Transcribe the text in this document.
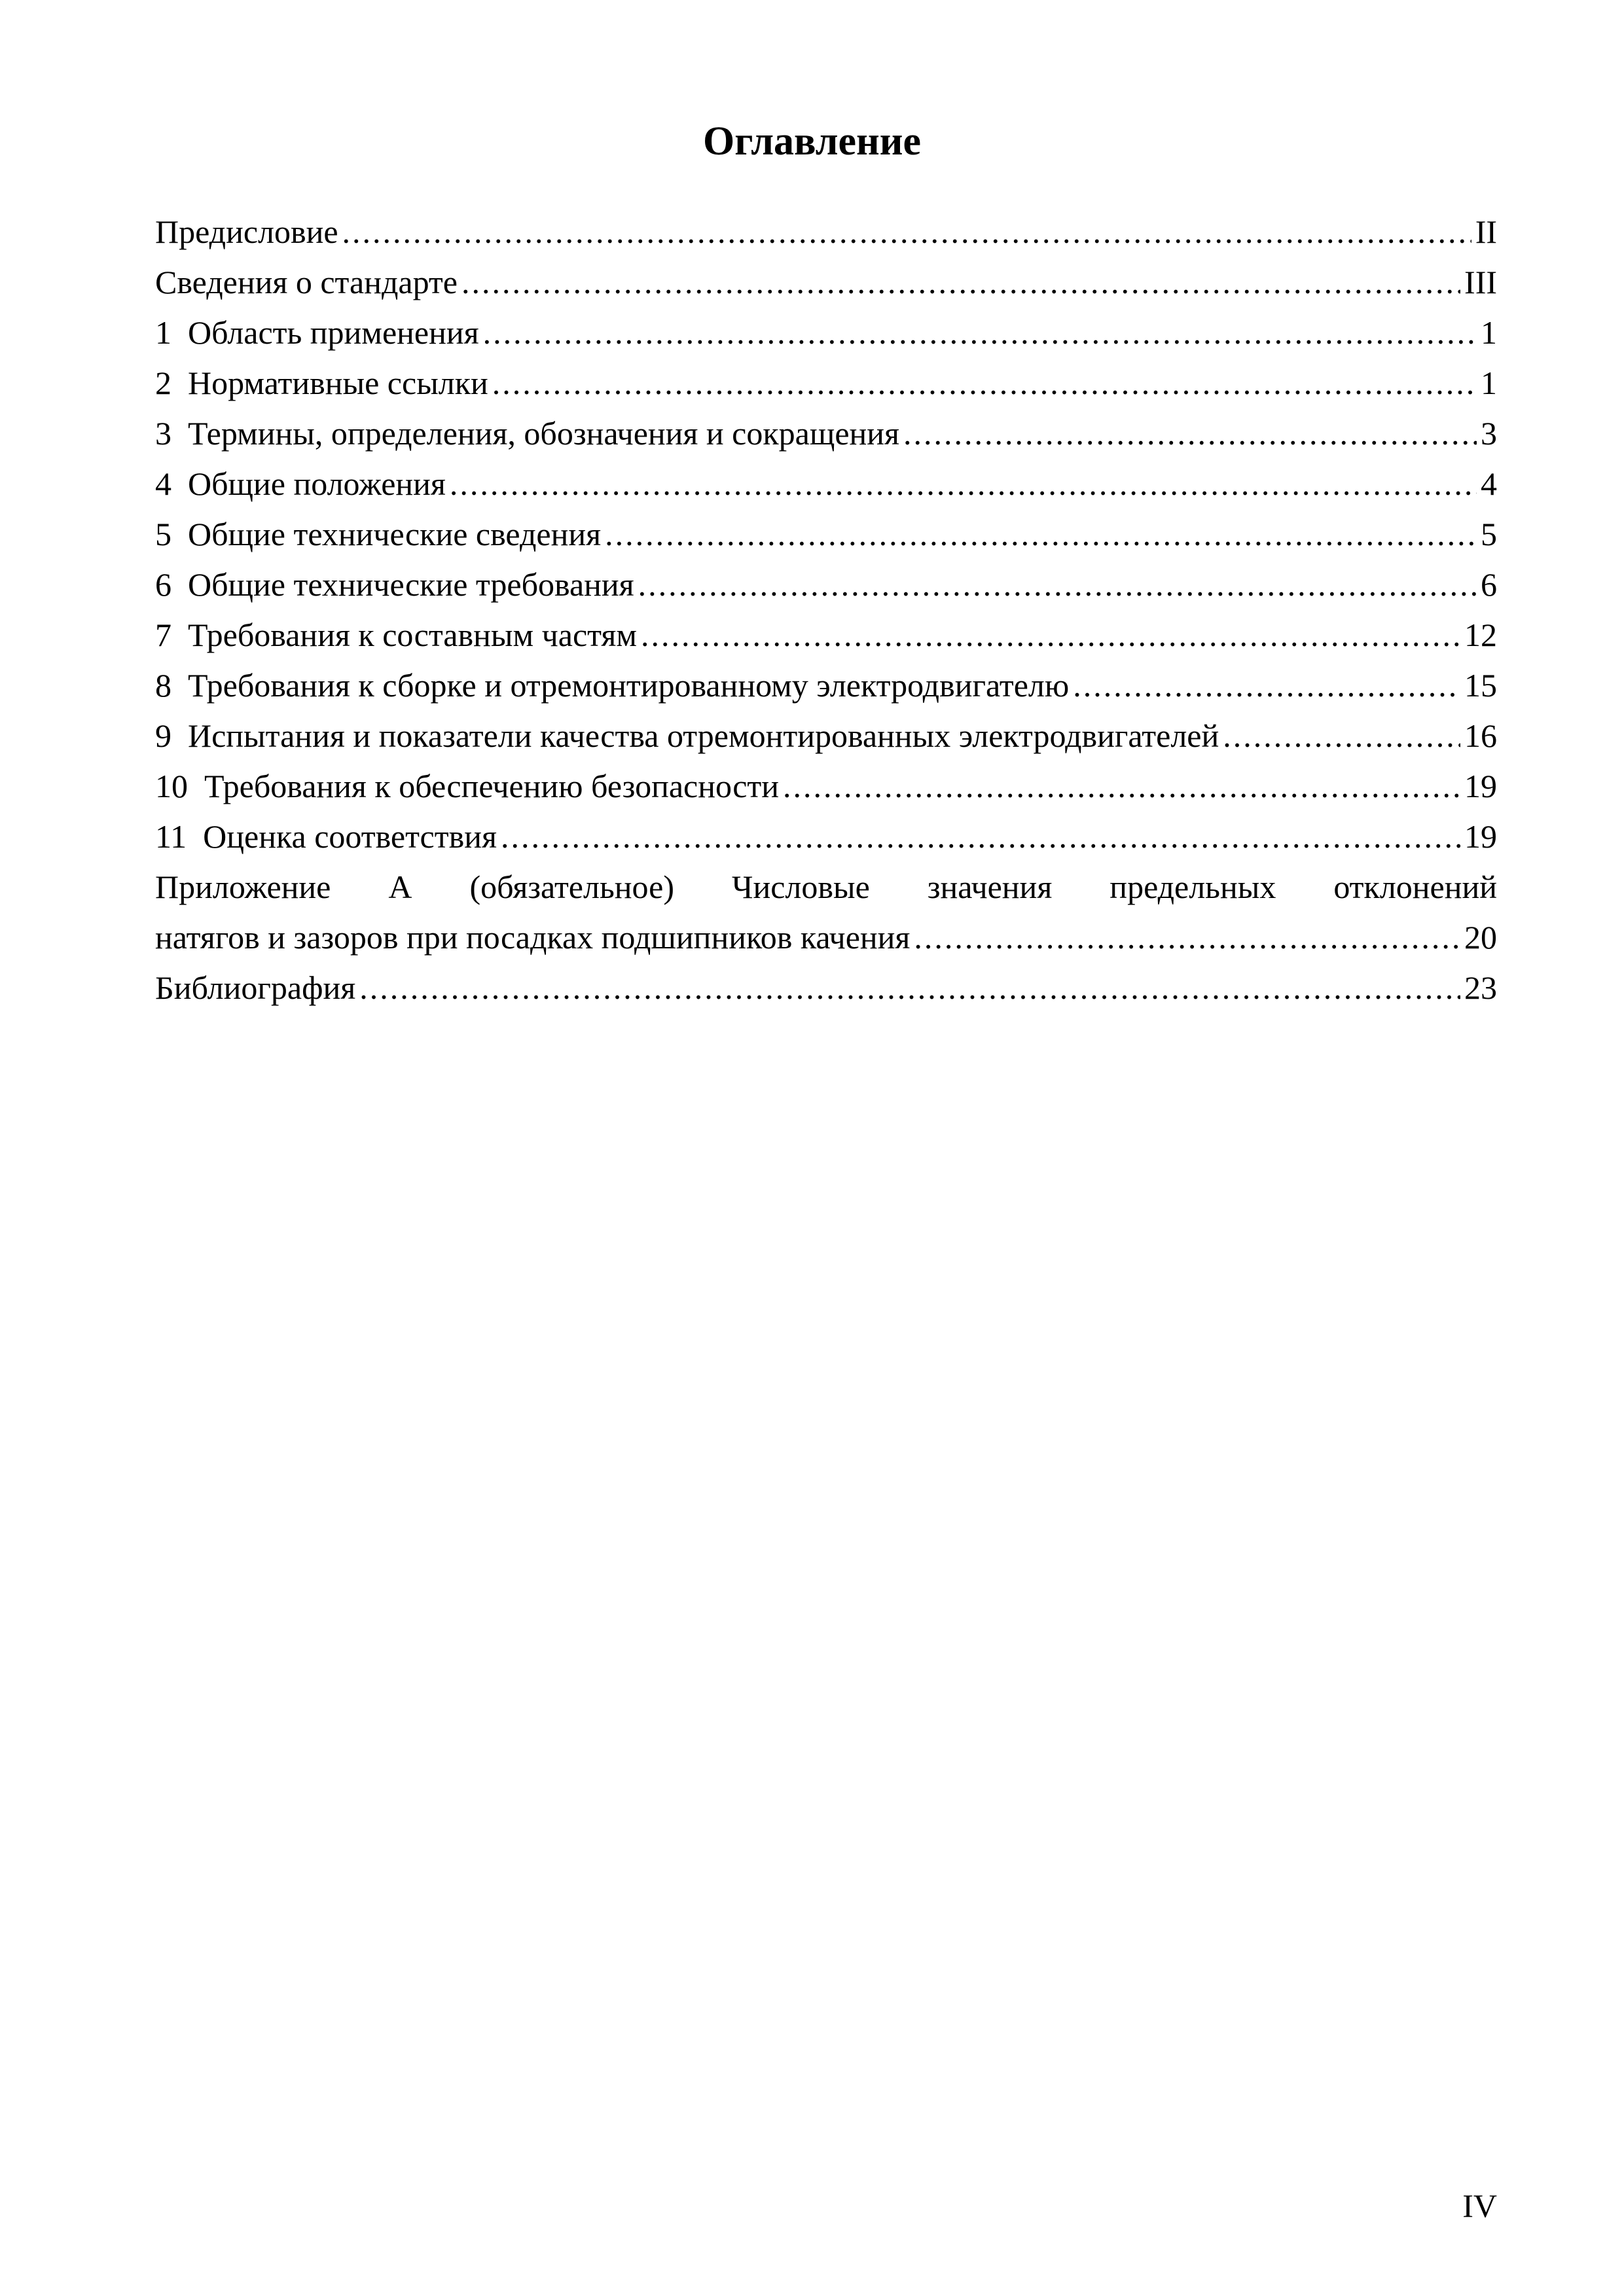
Оглавление
Предисловие .....	II
Сведения о стандарте .....	III
1 Область применения .....	1
2 Нормативные ссылки .....	1
3 Термины, определения, обозначения и сокращения .....	3
4 Общие положения .....	4
5 Общие технические сведения .....	5
6 Общие технические требования .....	6
7 Требования к составным частям .....	12
8 Требования к сборке и отремонтированному электродвигателю .....	15
9 Испытания и показатели качества отремонтированных электродвигателей .....	16
10 Требования к обеспечению безопасности .....	19
11 Оценка соответствия .....	19
Приложение А (обязательное) Числовые значения предельных отклонений
натягов и зазоров при посадках подшипников качения .....	20
Библиография .....	23

IV
